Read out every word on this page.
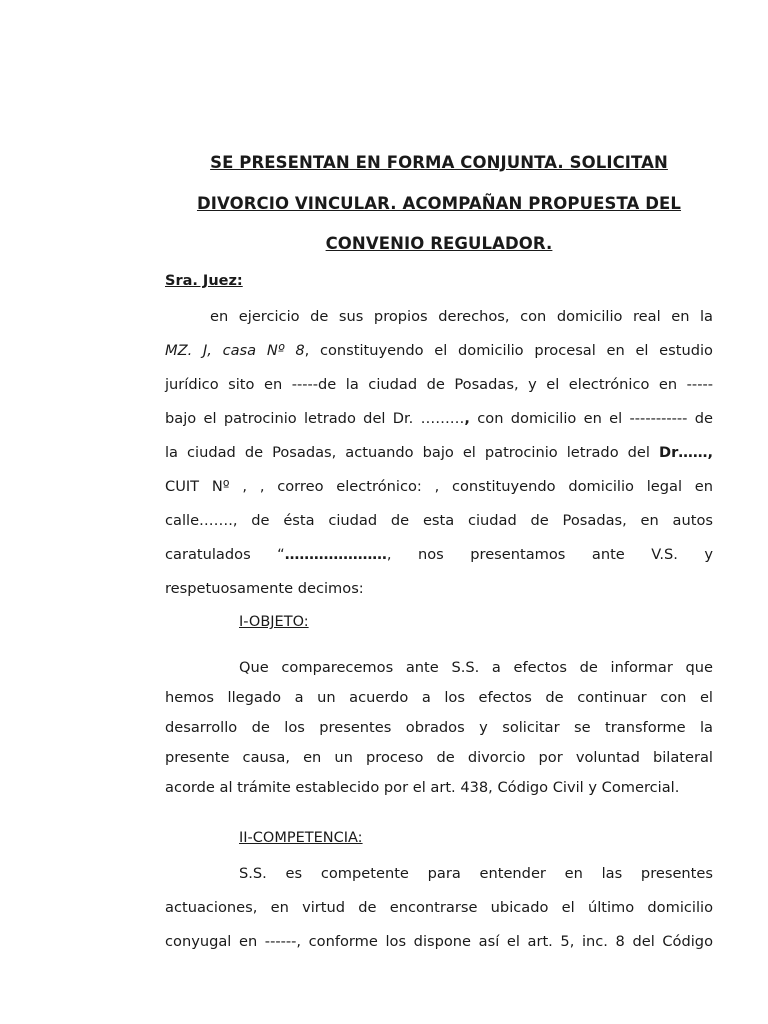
SE PRESENTAN EN FORMA CONJUNTA. SOLICITAN
DIVORCIO VINCULAR. ACOMPAÑAN PROPUESTA DEL
CONVENIO REGULADOR.
Sra. Juez:
en ejercicio de sus propios derechos, con domicilio real en la
MZ. J, casa Nº 8, constituyendo el domicilio procesal en el estudio
jurídico sito en -----de la ciudad de Posadas, y el electrónico en -----
bajo el patrocinio letrado del Dr. ………, con domicilio en el ----------- de
la ciudad de Posadas, actuando bajo el patrocinio letrado del Dr……,
CUIT Nº , , correo electrónico: , constituyendo domicilio legal en
calle……., de ésta ciudad de esta ciudad de Posadas, en autos
caratulados “…………………, nos presentamos ante V.S. y
respetuosamente decimos:
I-OBJETO:
Que comparecemos ante S.S. a efectos de informar que
hemos llegado a un acuerdo a los efectos de continuar con el
desarrollo de los presentes obrados y solicitar se transforme la
presente causa, en un proceso de divorcio por voluntad bilateral
acorde al trámite establecido por el art. 438, Código Civil y Comercial.
II-COMPETENCIA:
S.S. es competente para entender en las presentes
actuaciones, en virtud de encontrarse ubicado el último domicilio
conyugal en ------, conforme los dispone así el art. 5, inc. 8 del Código
